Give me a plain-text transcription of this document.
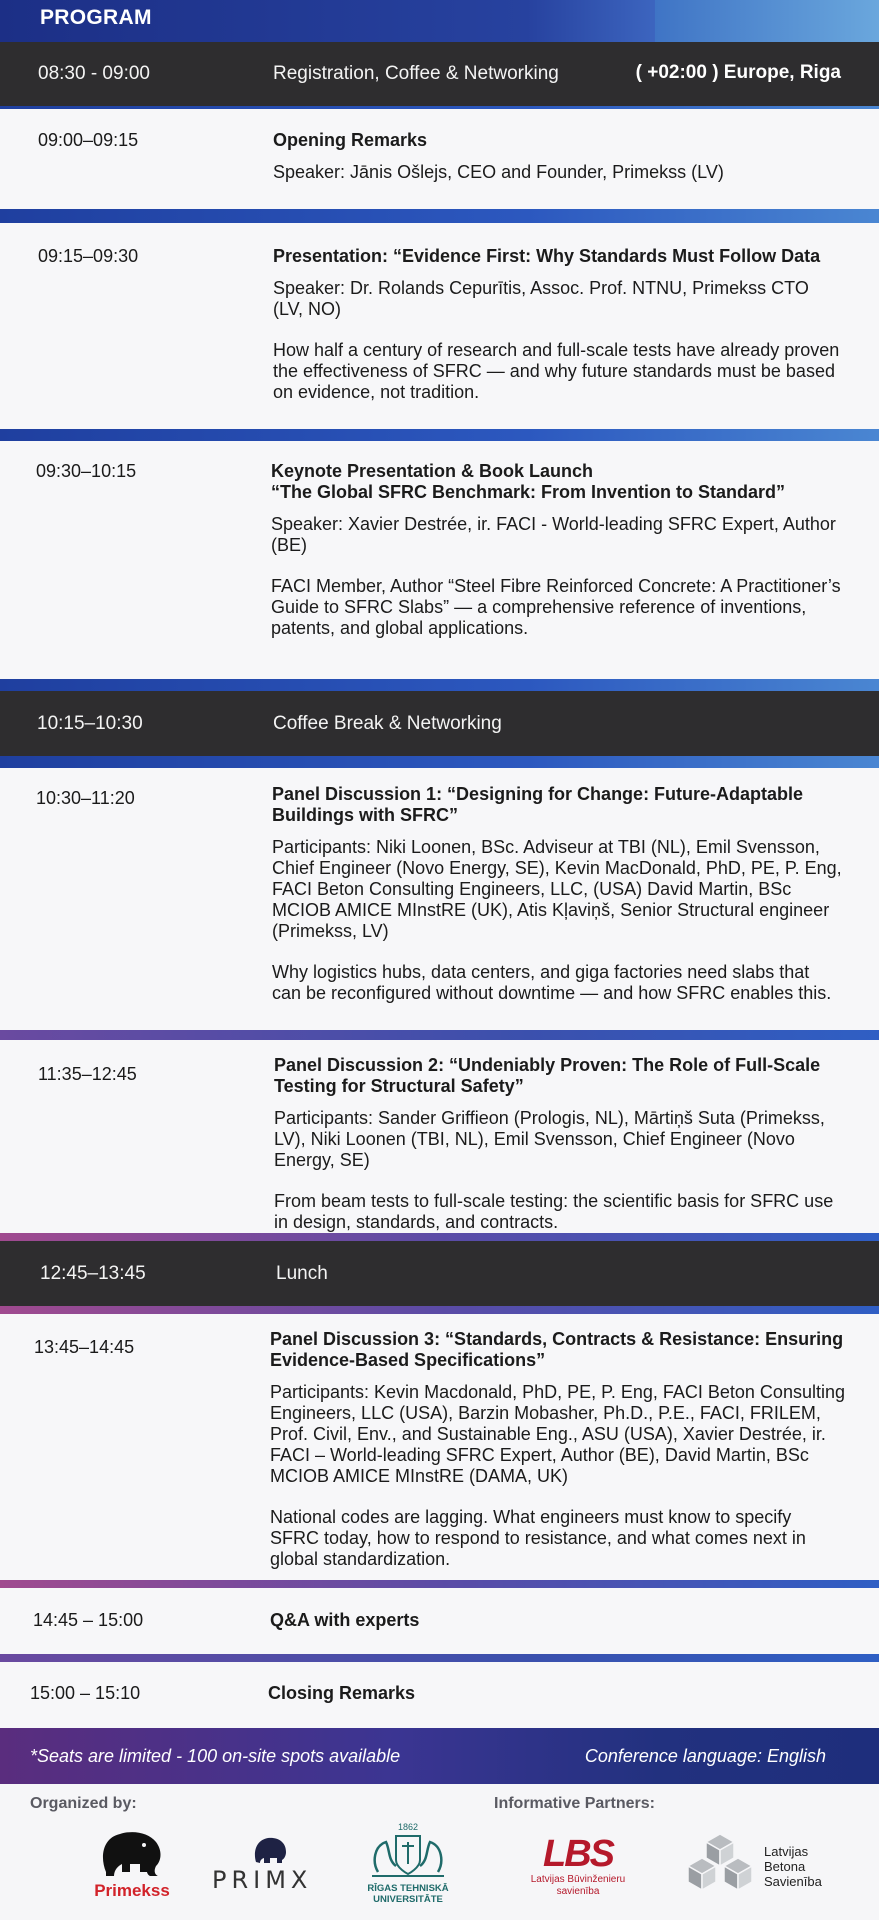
PROGRAM
08:30 - 09:00	Registration, Coffee & Networking	( +02:00 ) Europe, Riga
09:00–09:15	Opening Remarks

Speaker: Jānis Ošlejs, CEO and Founder, Primekss (LV)

09:15–09:30	Presentation: “Evidence First: Why Standards Must Follow Data

Speaker: Dr. Rolands Cepurītis, Assoc. Prof. NTNU, Primekss CTO (LV, NO)

How half a century of research and full-scale tests have already proven the effectiveness of SFRC — and why future standards must be based on evidence, not tradition.

09:30–10:15	Keynote Presentation & Book Launch

“The Global SFRC Benchmark: From Invention to Standard”

Speaker: Xavier Destrée, ir. FACI - World-leading SFRC Expert, Author (BE)

FACI Member, Author “Steel Fibre Reinforced Concrete: A Practitioner’s Guide to SFRC Slabs” — a comprehensive reference of inventions, patents, and global applications.

10:15–10:30	Coffee Break & Networking
10:30–11:20	Panel Discussion 1: “Designing for Change: Future-Adaptable Buildings with SFRC”

Participants: Niki Loonen, BSc. Adviseur at TBI (NL), Emil Svensson, Chief Engineer (Novo Energy, SE), Kevin MacDonald, PhD, PE, P. Eng, FACI Beton Consulting Engineers, LLC, (USA) David Martin, BSc MCIOB AMICE MInstRE (UK), Atis Kļaviņš, Senior Structural engineer (Primekss, LV)

Why logistics hubs, data centers, and giga factories need slabs that can be reconfigured without downtime — and how SFRC enables this.

11:35–12:45	Panel Discussion 2: “Undeniably Proven: The Role of Full-Scale Testing for Structural Safety”

Participants: Sander Griffieon (Prologis, NL), Mārtiņš Suta (Primekss, LV), Niki Loonen (TBI, NL), Emil Svensson, Chief Engineer (Novo Energy, SE)

From beam tests to full-scale testing: the scientific basis for SFRC use in design, standards, and contracts.

12:45–13:45	Lunch
13:45–14:45	Panel Discussion 3: “Standards, Contracts & Resistance: Ensuring Evidence-Based Specifications”

Participants: Kevin Macdonald, PhD, PE, P. Eng, FACI Beton Consulting Engineers, LLC (USA), Barzin Mobasher, Ph.D., P.E., FACI, FRILEM, Prof. Civil, Env., and Sustainable Eng., ASU (USA), Xavier Destrée, ir. FACI – World-leading SFRC Expert, Author (BE), David Martin, BSc MCIOB AMICE MInstRE (DAMA, UK)

National codes are lagging. What engineers must know to specify SFRC today, how to respond to resistance, and what comes next in global standardization.

14:45 – 15:00	Q&A with experts

15:00 – 15:10	Closing Remarks

*Seats are limited - 100 on-site spots available	Conference language: English
Organized by:	Informative Partners:
Primekss PRIMX
1862
RĪGAS TEHNISKĀ
UNIVERSITĀTE
LBS
Latvijas Būvinženieru
savienība
Latvijas
Betona
Savienība
